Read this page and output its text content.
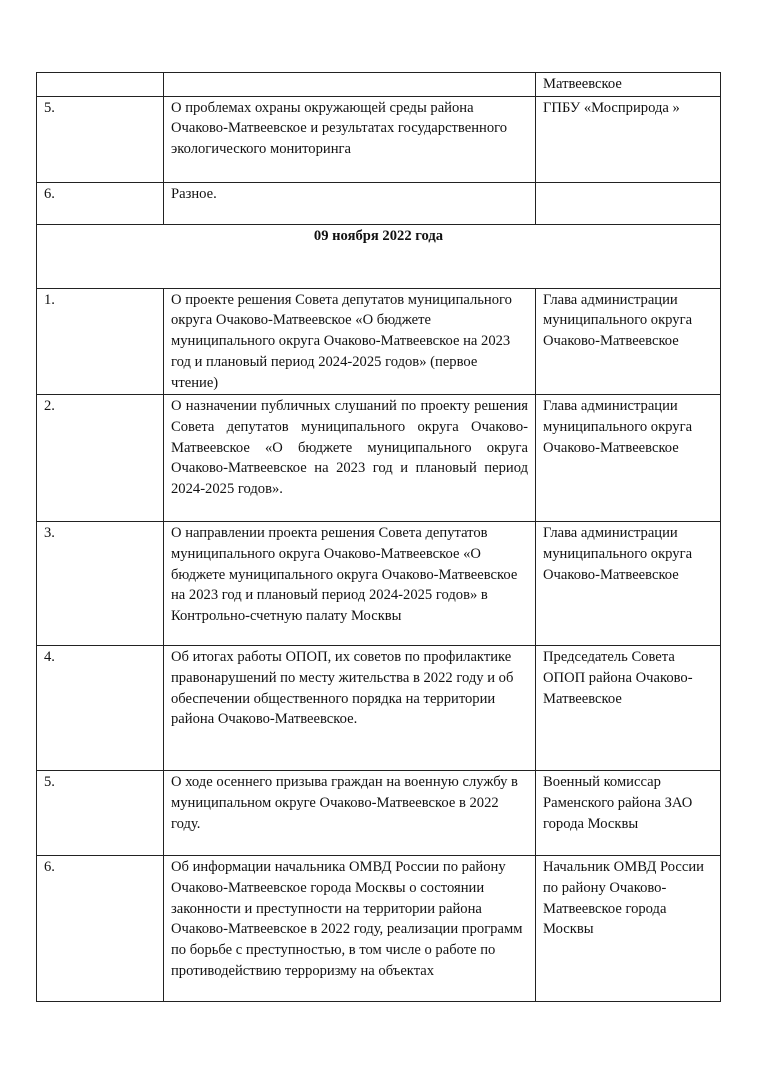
		Матвеевское
5.	О проблемах охраны окружающей среды района Очаково-Матвеевское и результатах государственного экологического мониторинга	ГПБУ «Мосприрода »
6.	Разное.	
09 ноября 2022 года		
1.	О проекте решения Совета депутатов муниципального округа Очаково-Матвеевское «О бюджете муниципального округа Очаково-Матвеевское на 2023 год и плановый период 2024-2025 годов» (первое чтение)	Глава администрации муниципального округа Очаково-Матвеевское
2.	О назначении публичных слушаний по проекту решения Совета депутатов муниципального округа Очаково-Матвеевское «О бюджете муниципального округа Очаково-Матвеевское на 2023 год и плановый период 2024-2025 годов».	Глава администрации муниципального округа Очаково-Матвеевское
3.	О направлении проекта решения Совета депутатов муниципального округа Очаково-Матвеевское «О бюджете муниципального округа Очаково-Матвеевское на 2023 год и плановый период 2024-2025 годов» в Контрольно-счетную палату Москвы	Глава администрации муниципального округа Очаково-Матвеевское
4.	Об итогах работы ОПОП, их советов по профилактике правонарушений по месту жительства в 2022 году и об обеспечении общественного порядка на территории района Очаково-Матвеевское.	Председатель Совета ОПОП района Очаково-Матвеевское
5.	О ходе осеннего призыва граждан на военную службу в муниципальном округе Очаково-Матвеевское в 2022 году.	Военный комиссар Раменского района ЗАО города Москвы
6.	Об информации начальника ОМВД России по району Очаково-Матвеевское города Москвы о состоянии законности и преступности на территории района Очаково-Матвеевское в 2022 году, реализации программ по борьбе с преступностью, в том числе о работе по противодействию терроризму на объектах	Начальник ОМВД России по району Очаково-Матвеевское города Москвы
